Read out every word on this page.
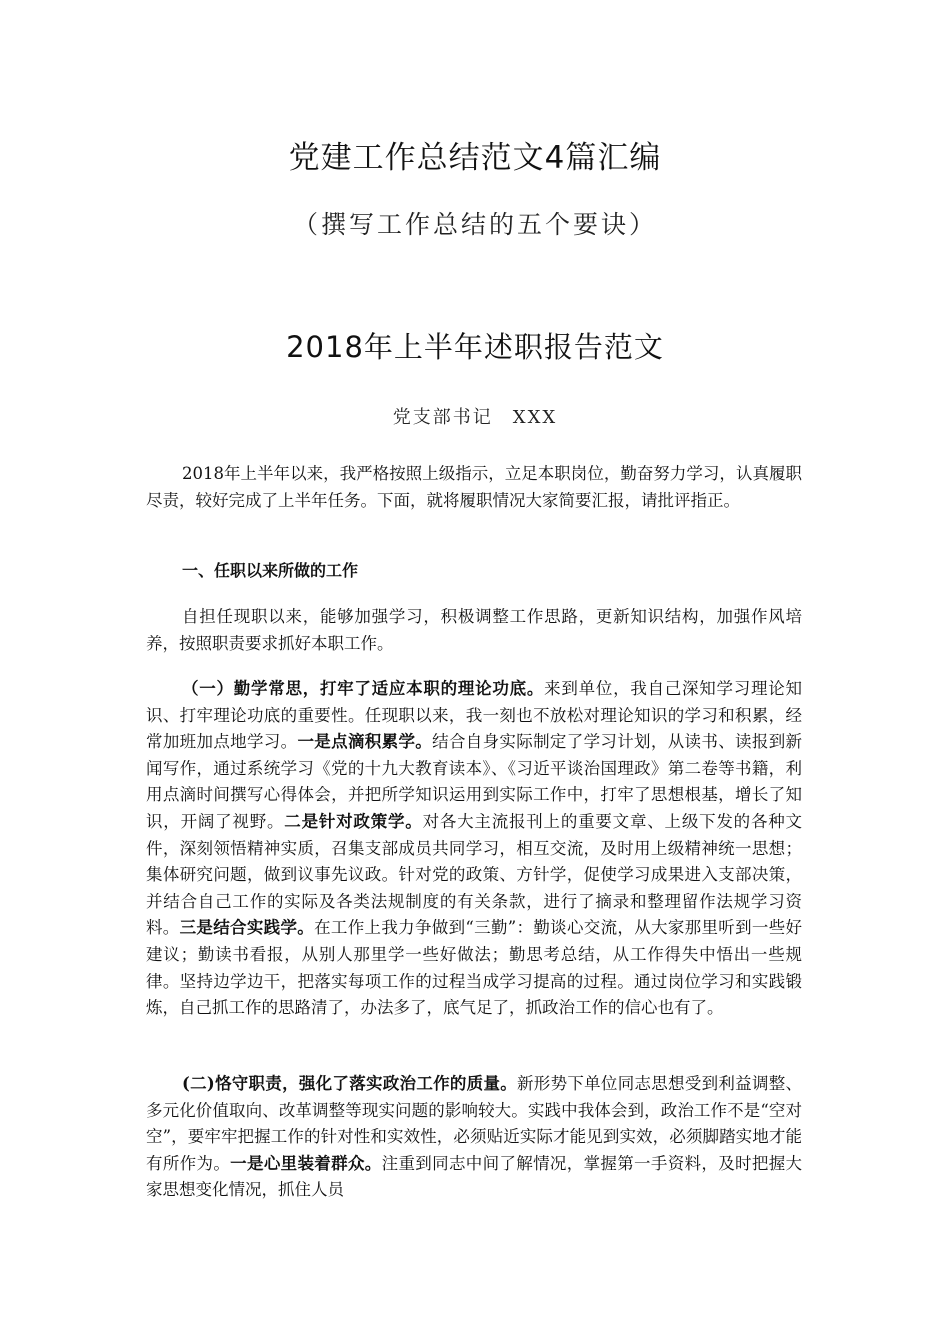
党建工作总结范文4篇汇编
（撰写工作总结的五个要诀）
2018年上半年述职报告范文
党支部书记　XXX

2018年上半年以来，我严格按照上级指示，立足本职岗位，勤奋努力学习，认真履职尽责，较好完成了上半年任务。下面，就将履职情况大家简要汇报，请批评指正。

一、任职以来所做的工作

自担任现职以来，能够加强学习，积极调整工作思路，更新知识结构，加强作风培养，按照职责要求抓好本职工作。

（一）勤学常思，打牢了适应本职的理论功底。来到单位，我自己深知学习理论知识、打牢理论功底的重要性。任现职以来，我一刻也不放松对理论知识的学习和积累，经常加班加点地学习。一是点滴积累学。结合自身实际制定了学习计划，从读书、读报到新闻写作，通过系统学习《党的十九大教育读本》、《习近平谈治国理政》第二卷等书籍，利用点滴时间撰写心得体会，并把所学知识运用到实际工作中，打牢了思想根基，增长了知识，开阔了视野。二是针对政策学。对各大主流报刊上的重要文章、上级下发的各种文件，深刻领悟精神实质，召集支部成员共同学习，相互交流，及时用上级精神统一思想；集体研究问题，做到议事先议政。针对党的政策、方针学，促使学习成果进入支部决策，并结合自己工作的实际及各类法规制度的有关条款，进行了摘录和整理留作法规学习资料。三是结合实践学。在工作上我力争做到“三勤”：勤谈心交流，从大家那里听到一些好建议；勤读书看报，从别人那里学一些好做法；勤思考总结，从工作得失中悟出一些规律。坚持边学边干，把落实每项工作的过程当成学习提高的过程。通过岗位学习和实践锻炼，自己抓工作的思路清了，办法多了，底气足了，抓政治工作的信心也有了。

(二)恪守职责，强化了落实政治工作的质量。新形势下单位同志思想受到利益调整、多元化价值取向、改革调整等现实问题的影响较大。实践中我体会到，政治工作不是“空对空”，要牢牢把握工作的针对性和实效性，必须贴近实际才能见到实效，必须脚踏实地才能有所作为。一是心里装着群众。注重到同志中间了解情况，掌握第一手资料，及时把握大家思想变化情况，抓住人员
